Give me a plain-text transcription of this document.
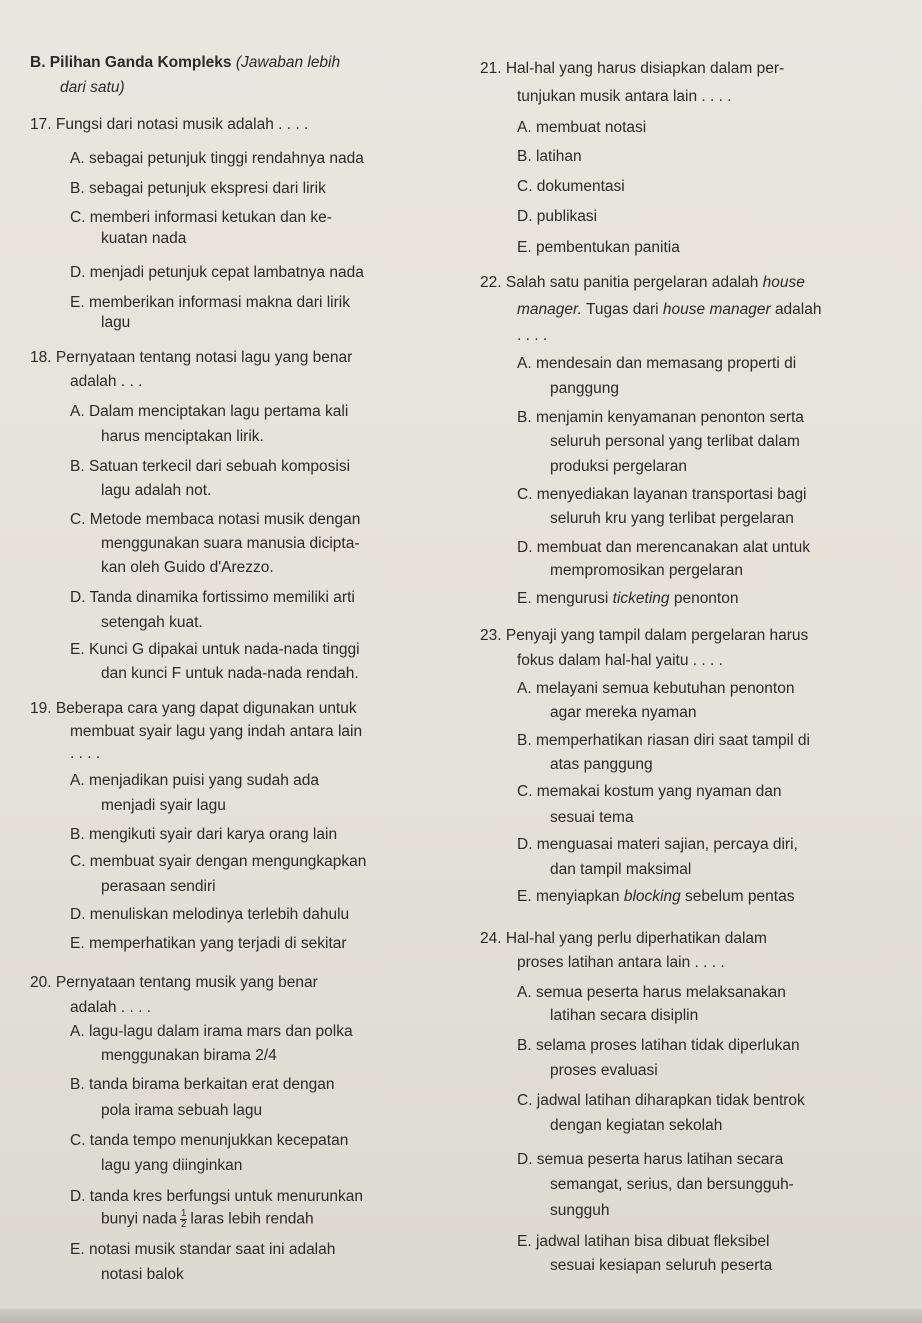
B. Pilihan Ganda Kompleks (Jawaban lebih
dari satu)
17. Fungsi dari notasi musik adalah . . . .
A. sebagai petunjuk tinggi rendahnya nada
B. sebagai petunjuk ekspresi dari lirik
C. memberi informasi ketukan dan ke-
kuatan nada
D. menjadi petunjuk cepat lambatnya nada
E. memberikan informasi makna dari lirik
lagu
18. Pernyataan tentang notasi lagu yang benar
adalah . . .
A. Dalam menciptakan lagu pertama kali
harus menciptakan lirik.
B. Satuan terkecil dari sebuah komposisi
lagu adalah not.
C. Metode membaca notasi musik dengan
menggunakan suara manusia dicipta-
kan oleh Guido d'Arezzo.
D. Tanda dinamika fortissimo memiliki arti
setengah kuat.
E. Kunci G dipakai untuk nada-nada tinggi
dan kunci F untuk nada-nada rendah.
19. Beberapa cara yang dapat digunakan untuk
membuat syair lagu yang indah antara lain
. . . .
A. menjadikan puisi yang sudah ada
menjadi syair lagu
B. mengikuti syair dari karya orang lain
C. membuat syair dengan mengungkapkan
perasaan sendiri
D. menuliskan melodinya terlebih dahulu
E. memperhatikan yang terjadi di sekitar
20. Pernyataan tentang musik yang benar
adalah . . . .
A. lagu-lagu dalam irama mars dan polka
menggunakan birama 2/4
B. tanda birama berkaitan erat dengan
pola irama sebuah lagu
C. tanda tempo menunjukkan kecepatan
lagu yang diinginkan
D. tanda kres berfungsi untuk menurunkan
bunyi nada $\frac{1}{2}$ laras lebih rendah
E. notasi musik standar saat ini adalah
notasi balok
21. Hal-hal yang harus disiapkan dalam per-
tunjukan musik antara lain . . . .
A. membuat notasi
B. latihan
C. dokumentasi
D. publikasi
E. pembentukan panitia
22. Salah satu panitia pergelaran adalah house
manager. Tugas dari house manager adalah
. . . .
A. mendesain dan memasang properti di
panggung
B. menjamin kenyamanan penonton serta
seluruh personal yang terlibat dalam
produksi pergelaran
C. menyediakan layanan transportasi bagi
seluruh kru yang terlibat pergelaran
D. membuat dan merencanakan alat untuk
mempromosikan pergelaran
E. mengurusi ticketing penonton
23. Penyaji yang tampil dalam pergelaran harus
fokus dalam hal-hal yaitu . . . .
A. melayani semua kebutuhan penonton
agar mereka nyaman
B. memperhatikan riasan diri saat tampil di
atas panggung
C. memakai kostum yang nyaman dan
sesuai tema
D. menguasai materi sajian, percaya diri,
dan tampil maksimal
E. menyiapkan blocking sebelum pentas
24. Hal-hal yang perlu diperhatikan dalam
proses latihan antara lain . . . .
A. semua peserta harus melaksanakan
latihan secara disiplin
B. selama proses latihan tidak diperlukan
proses evaluasi
C. jadwal latihan diharapkan tidak bentrok
dengan kegiatan sekolah
D. semua peserta harus latihan secara
semangat, serius, dan bersungguh-
sungguh
E. jadwal latihan bisa dibuat fleksibel
sesuai kesiapan seluruh peserta
